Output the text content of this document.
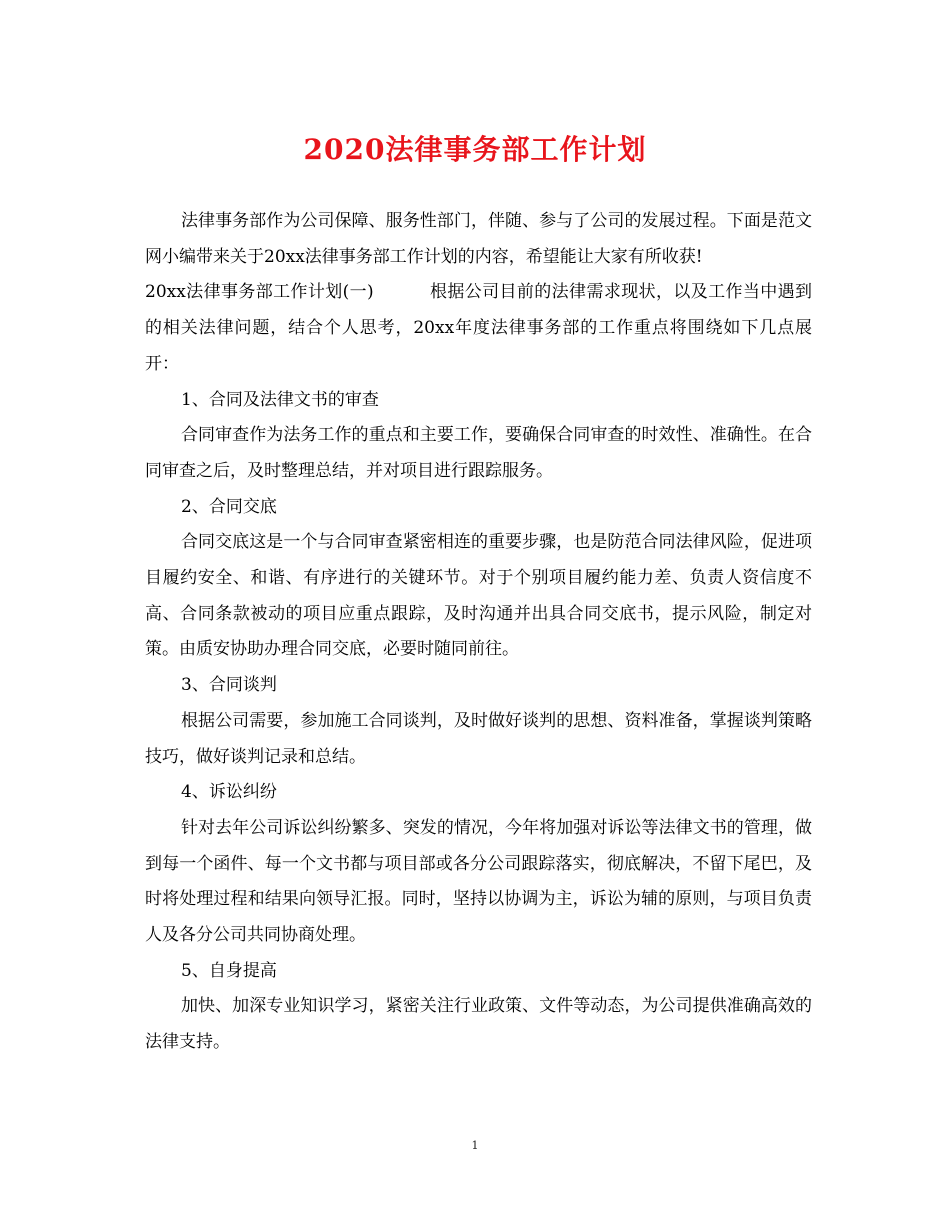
2020法律事务部工作计划

法律事务部作为公司保障、服务性部门，伴随、参与了公司的发展过程。下面是范文网小编带来关于20xx法律事务部工作计划的内容，希望能让大家有所收获!

20xx法律事务部工作计划(一)	根据公司目前的法律需求现状，以及工作当中遇到的相关法律问题，结合个人思考，20xx年度法律事务部的工作重点将围绕如下几点展开：

1、合同及法律文书的审查

合同审查作为法务工作的重点和主要工作，要确保合同审查的时效性、准确性。在合同审查之后，及时整理总结，并对项目进行跟踪服务。

2、合同交底

合同交底这是一个与合同审查紧密相连的重要步骤，也是防范合同法律风险，促进项目履约安全、和谐、有序进行的关键环节。对于个别项目履约能力差、负责人资信度不高、合同条款被动的项目应重点跟踪，及时沟通并出具合同交底书，提示风险，制定对策。由质安协助办理合同交底，必要时随同前往。

3、合同谈判

根据公司需要，参加施工合同谈判，及时做好谈判的思想、资料准备，掌握谈判策略技巧，做好谈判记录和总结。

4、诉讼纠纷

针对去年公司诉讼纠纷繁多、突发的情况，今年将加强对诉讼等法律文书的管理，做到每一个函件、每一个文书都与项目部或各分公司跟踪落实，彻底解决，不留下尾巴，及时将处理过程和结果向领导汇报。同时，坚持以协调为主，诉讼为辅的原则，与项目负责人及各分公司共同协商处理。

5、自身提高

加快、加深专业知识学习，紧密关注行业政策、文件等动态，为公司提供准确高效的法律支持。

1
